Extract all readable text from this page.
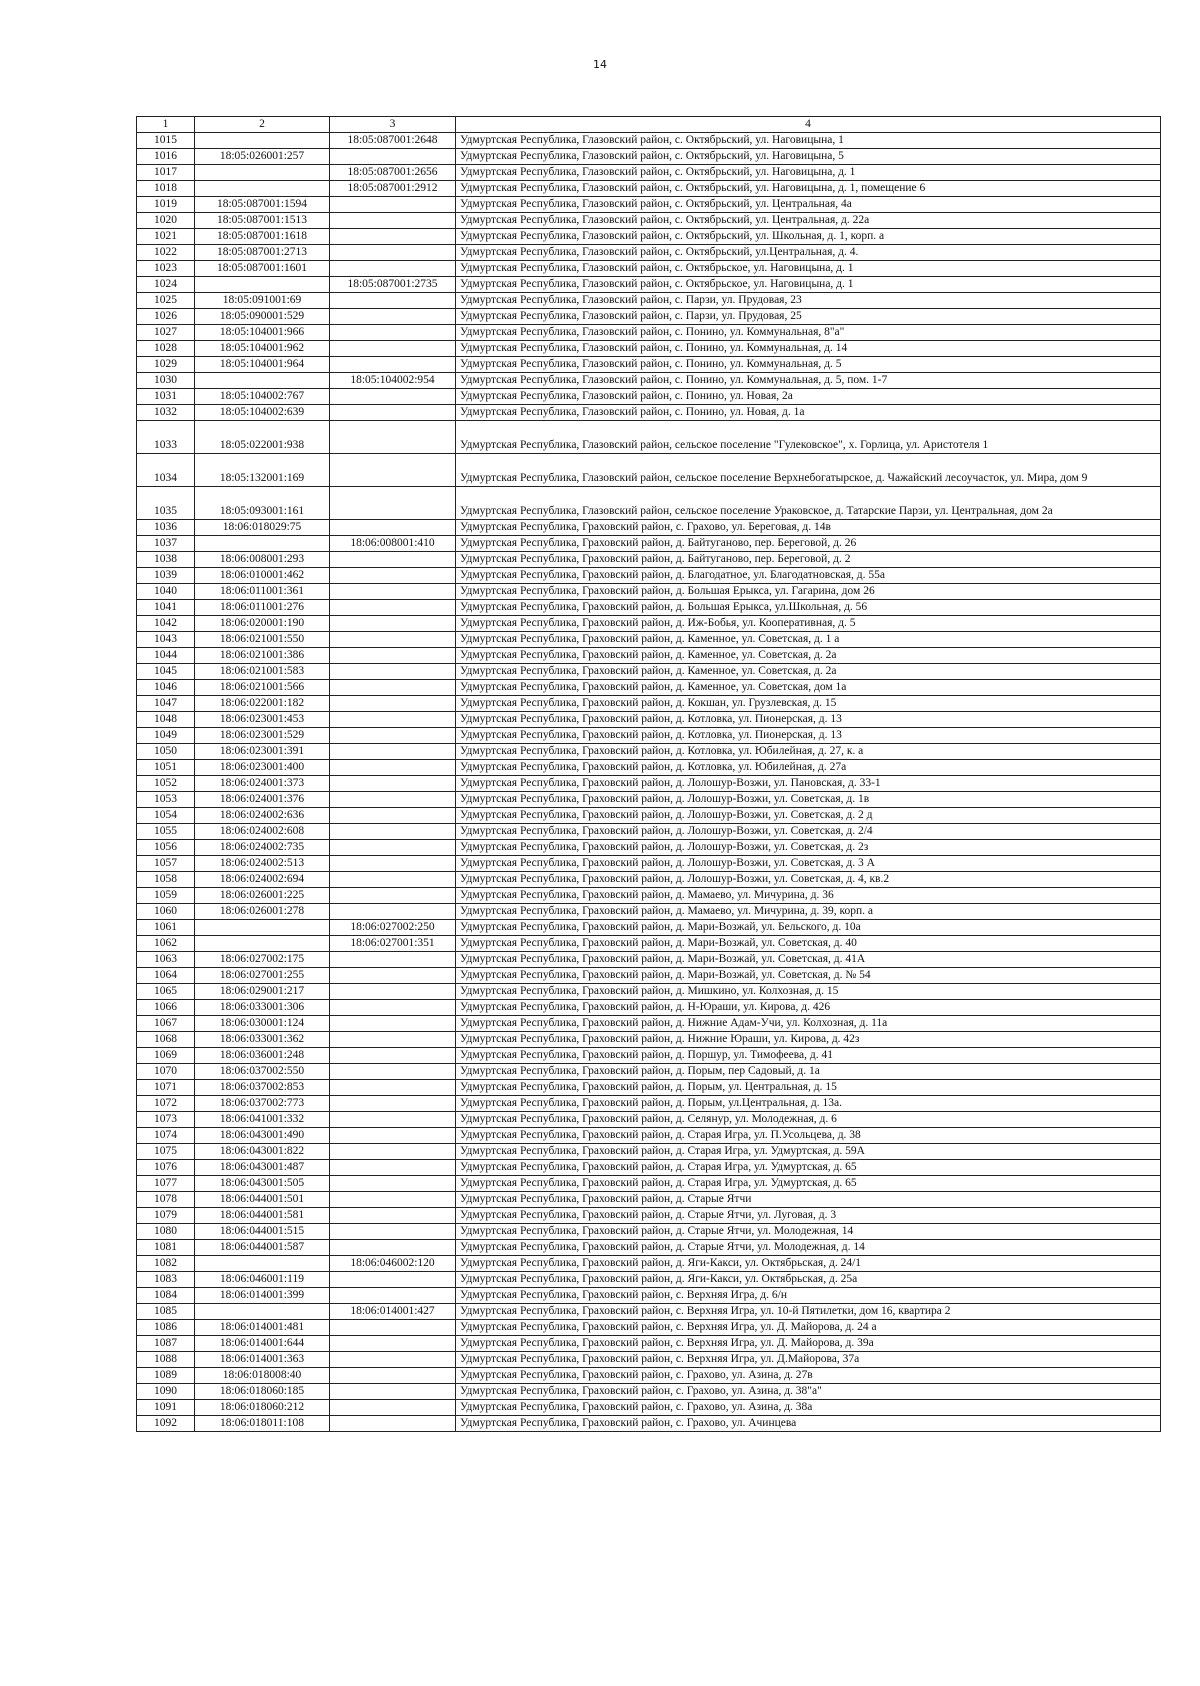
14
1	2	3	4
1015		18:05:087001:2648	Удмуртская Республика, Глазовский район, с. Октябрьский, ул. Наговицына, 1
1016	18:05:026001:257		Удмуртская Республика, Глазовский район, с. Октябрьский, ул. Наговицына, 5
1017		18:05:087001:2656	Удмуртская Республика, Глазовский район, с. Октябрьский, ул. Наговицына, д. 1
1018		18:05:087001:2912	Удмуртская Республика, Глазовский район, с. Октябрьский, ул. Наговицына, д. 1, помещение 6
1019	18:05:087001:1594		Удмуртская Республика, Глазовский район, с. Октябрьский, ул. Центральная, 4а
1020	18:05:087001:1513		Удмуртская Республика, Глазовский район, с. Октябрьский, ул. Центральная, д. 22а
1021	18:05:087001:1618		Удмуртская Республика, Глазовский район, с. Октябрьский, ул. Школьная, д. 1, корп. а
1022	18:05:087001:2713		Удмуртская Республика, Глазовский район, с. Октябрьский, ул.Центральная, д. 4.
1023	18:05:087001:1601		Удмуртская Республика, Глазовский район, с. Октябрьское, ул. Наговицына, д. 1
1024		18:05:087001:2735	Удмуртская Республика, Глазовский район, с. Октябрьское, ул. Наговицына, д. 1
1025	18:05:091001:69		Удмуртская Республика, Глазовский район, с. Парзи, ул. Прудовая, 23
1026	18:05:090001:529		Удмуртская Республика, Глазовский район, с. Парзи, ул. Прудовая, 25
1027	18:05:104001:966		Удмуртская Республика, Глазовский район, с. Понино, ул. Коммунальная, 8"а"
1028	18:05:104001:962		Удмуртская Республика, Глазовский район, с. Понино, ул. Коммунальная, д. 14
1029	18:05:104001:964		Удмуртская Республика, Глазовский район, с. Понино, ул. Коммунальная, д. 5
1030		18:05:104002:954	Удмуртская Республика, Глазовский район, с. Понино, ул. Коммунальная, д. 5, пом. 1-7
1031	18:05:104002:767		Удмуртская Республика, Глазовский район, с. Понино, ул. Новая, 2а
1032	18:05:104002:639		Удмуртская Республика, Глазовский район, с. Понино, ул. Новая, д. 1а
1033	18:05:022001:938		Удмуртская Республика, Глазовский район, сельское поселение "Гулековское", х. Горлица, ул. Аристотеля 1
1034	18:05:132001:169		Удмуртская Республика, Глазовский район, сельское поселение Верхнебогатырское, д. Чажайский лесоучасток, ул. Мира, дом 9
1035	18:05:093001:161		Удмуртская Республика, Глазовский район, сельское поселение Ураковское, д. Татарские Парзи, ул. Центральная, дом 2а
1036	18:06:018029:75		Удмуртская Республика, Граховский район, с. Грахово, ул. Береговая, д. 14в
1037		18:06:008001:410	Удмуртская Республика, Граховский район, д. Байтуганово, пер. Береговой, д. 26
1038	18:06:008001:293		Удмуртская Республика, Граховский район, д. Байтуганово, пер. Береговой, д. 2
1039	18:06:010001:462		Удмуртская Республика, Граховский район, д. Благодатное, ул. Благодатновская, д. 55а
1040	18:06:011001:361		Удмуртская Республика, Граховский район, д. Большая Ерыкса, ул. Гагарина, дом 26
1041	18:06:011001:276		Удмуртская Республика, Граховский район, д. Большая Ерыкса, ул.Школьная, д. 56
1042	18:06:020001:190		Удмуртская Республика, Граховский район, д. Иж-Бобья, ул. Кооперативная, д. 5
1043	18:06:021001:550		Удмуртская Республика, Граховский район, д. Каменное, ул. Советская, д. 1 а
1044	18:06:021001:386		Удмуртская Республика, Граховский район, д. Каменное, ул. Советская, д. 2а
1045	18:06:021001:583		Удмуртская Республика, Граховский район, д. Каменное, ул. Советская, д. 2а
1046	18:06:021001:566		Удмуртская Республика, Граховский район, д. Каменное, ул. Советская, дом 1а
1047	18:06:022001:182		Удмуртская Республика, Граховский район, д. Кокшан, ул. Грузлевская, д. 15
1048	18:06:023001:453		Удмуртская Республика, Граховский район, д. Котловка, ул. Пионерская, д. 13
1049	18:06:023001:529		Удмуртская Республика, Граховский район, д. Котловка, ул. Пионерская, д. 13
1050	18:06:023001:391		Удмуртская Республика, Граховский район, д. Котловка, ул. Юбилейная, д. 27, к. а
1051	18:06:023001:400		Удмуртская Республика, Граховский район, д. Котловка, ул. Юбилейная, д. 27а
1052	18:06:024001:373		Удмуртская Республика, Граховский район, д. Лолошур-Возжи, ул. Пановская, д. 33-1
1053	18:06:024001:376		Удмуртская Республика, Граховский район, д. Лолошур-Возжи, ул. Советская, д. 1в
1054	18:06:024002:636		Удмуртская Республика, Граховский район, д. Лолошур-Возжи, ул. Советская, д. 2 д
1055	18:06:024002:608		Удмуртская Республика, Граховский район, д. Лолошур-Возжи, ул. Советская, д. 2/4
1056	18:06:024002:735		Удмуртская Республика, Граховский район, д. Лолошур-Возжи, ул. Советская, д. 2з
1057	18:06:024002:513		Удмуртская Республика, Граховский район, д. Лолошур-Возжи, ул. Советская, д. 3 А
1058	18:06:024002:694		Удмуртская Республика, Граховский район, д. Лолошур-Возжи, ул. Советская, д. 4, кв.2
1059	18:06:026001:225		Удмуртская Республика, Граховский район, д. Мамаево, ул. Мичурина, д. 36
1060	18:06:026001:278		Удмуртская Республика, Граховский район, д. Мамаево, ул. Мичурина, д. 39, корп. а
1061		18:06:027002:250	Удмуртская Республика, Граховский район, д. Мари-Возжай, ул. Бельского, д. 10а
1062		18:06:027001:351	Удмуртская Республика, Граховский район, д. Мари-Возжай, ул. Советская, д. 40
1063	18:06:027002:175		Удмуртская Республика, Граховский район, д. Мари-Возжай, ул. Советская, д. 41А
1064	18:06:027001:255		Удмуртская Республика, Граховский район, д. Мари-Возжай, ул. Советская, д. № 54
1065	18:06:029001:217		Удмуртская Республика, Граховский район, д. Мишкино, ул. Колхозная, д. 15
1066	18:06:033001:306		Удмуртская Республика, Граховский район, д. Н-Юраши, ул. Кирова, д. 426
1067	18:06:030001:124		Удмуртская Республика, Граховский район, д. Нижние Адам-Учи, ул. Колхозная, д. 11а
1068	18:06:033001:362		Удмуртская Республика, Граховский район, д. Нижние Юраши, ул. Кирова, д. 42з
1069	18:06:036001:248		Удмуртская Республика, Граховский район, д. Поршур, ул. Тимофеева, д. 41
1070	18:06:037002:550		Удмуртская Республика, Граховский район, д. Порым, пер Садовый, д. 1а
1071	18:06:037002:853		Удмуртская Республика, Граховский район, д. Порым, ул. Центральная, д. 15
1072	18:06:037002:773		Удмуртская Республика, Граховский район, д. Порым, ул.Центральная, д. 13а.
1073	18:06:041001:332		Удмуртская Республика, Граховский район, д. Селянур, ул. Молодежная, д. 6
1074	18:06:043001:490		Удмуртская Республика, Граховский район, д. Старая Игра, ул. П.Усольцева, д. 38
1075	18:06:043001:822		Удмуртская Республика, Граховский район, д. Старая Игра, ул. Удмуртская, д. 59А
1076	18:06:043001:487		Удмуртская Республика, Граховский район, д. Старая Игра, ул. Удмуртская, д. 65
1077	18:06:043001:505		Удмуртская Республика, Граховский район, д. Старая Игра, ул. Удмуртская, д. 65
1078	18:06:044001:501		Удмуртская Республика, Граховский район, д. Старые Ятчи
1079	18:06:044001:581		Удмуртская Республика, Граховский район, д. Старые Ятчи, ул. Луговая, д. 3
1080	18:06:044001:515		Удмуртская Республика, Граховский район, д. Старые Ятчи, ул. Молодежная, 14
1081	18:06:044001:587		Удмуртская Республика, Граховский район, д. Старые Ятчи, ул. Молодежная, д. 14
1082		18:06:046002:120	Удмуртская Республика, Граховский район, д. Яги-Какси, ул. Октябрьская, д. 24/1
1083	18:06:046001:119		Удмуртская Республика, Граховский район, д. Яги-Какси, ул. Октябрьская, д. 25а
1084	18:06:014001:399		Удмуртская Республика, Граховский район, с. Верхняя Игра, д. 6/н
1085		18:06:014001:427	Удмуртская Республика, Граховский район, с. Верхняя Игра, ул. 10-й Пятилетки, дом 16, квартира 2
1086	18:06:014001:481		Удмуртская Республика, Граховский район, с. Верхняя Игра, ул. Д. Майорова, д. 24 а
1087	18:06:014001:644		Удмуртская Республика, Граховский район, с. Верхняя Игра, ул. Д. Майорова, д. 39а
1088	18:06:014001:363		Удмуртская Республика, Граховский район, с. Верхняя Игра, ул. Д.Майорова, 37а
1089	18:06:018008:40		Удмуртская Республика, Граховский район, с. Грахово, ул. Азина, д. 27в
1090	18:06:018060:185		Удмуртская Республика, Граховский район, с. Грахово, ул. Азина, д. 38"а"
1091	18:06:018060:212		Удмуртская Республика, Граховский район, с. Грахово, ул. Азина, д. 38а
1092	18:06:018011:108		Удмуртская Республика, Граховский район, с. Грахово, ул. Ачинцева
